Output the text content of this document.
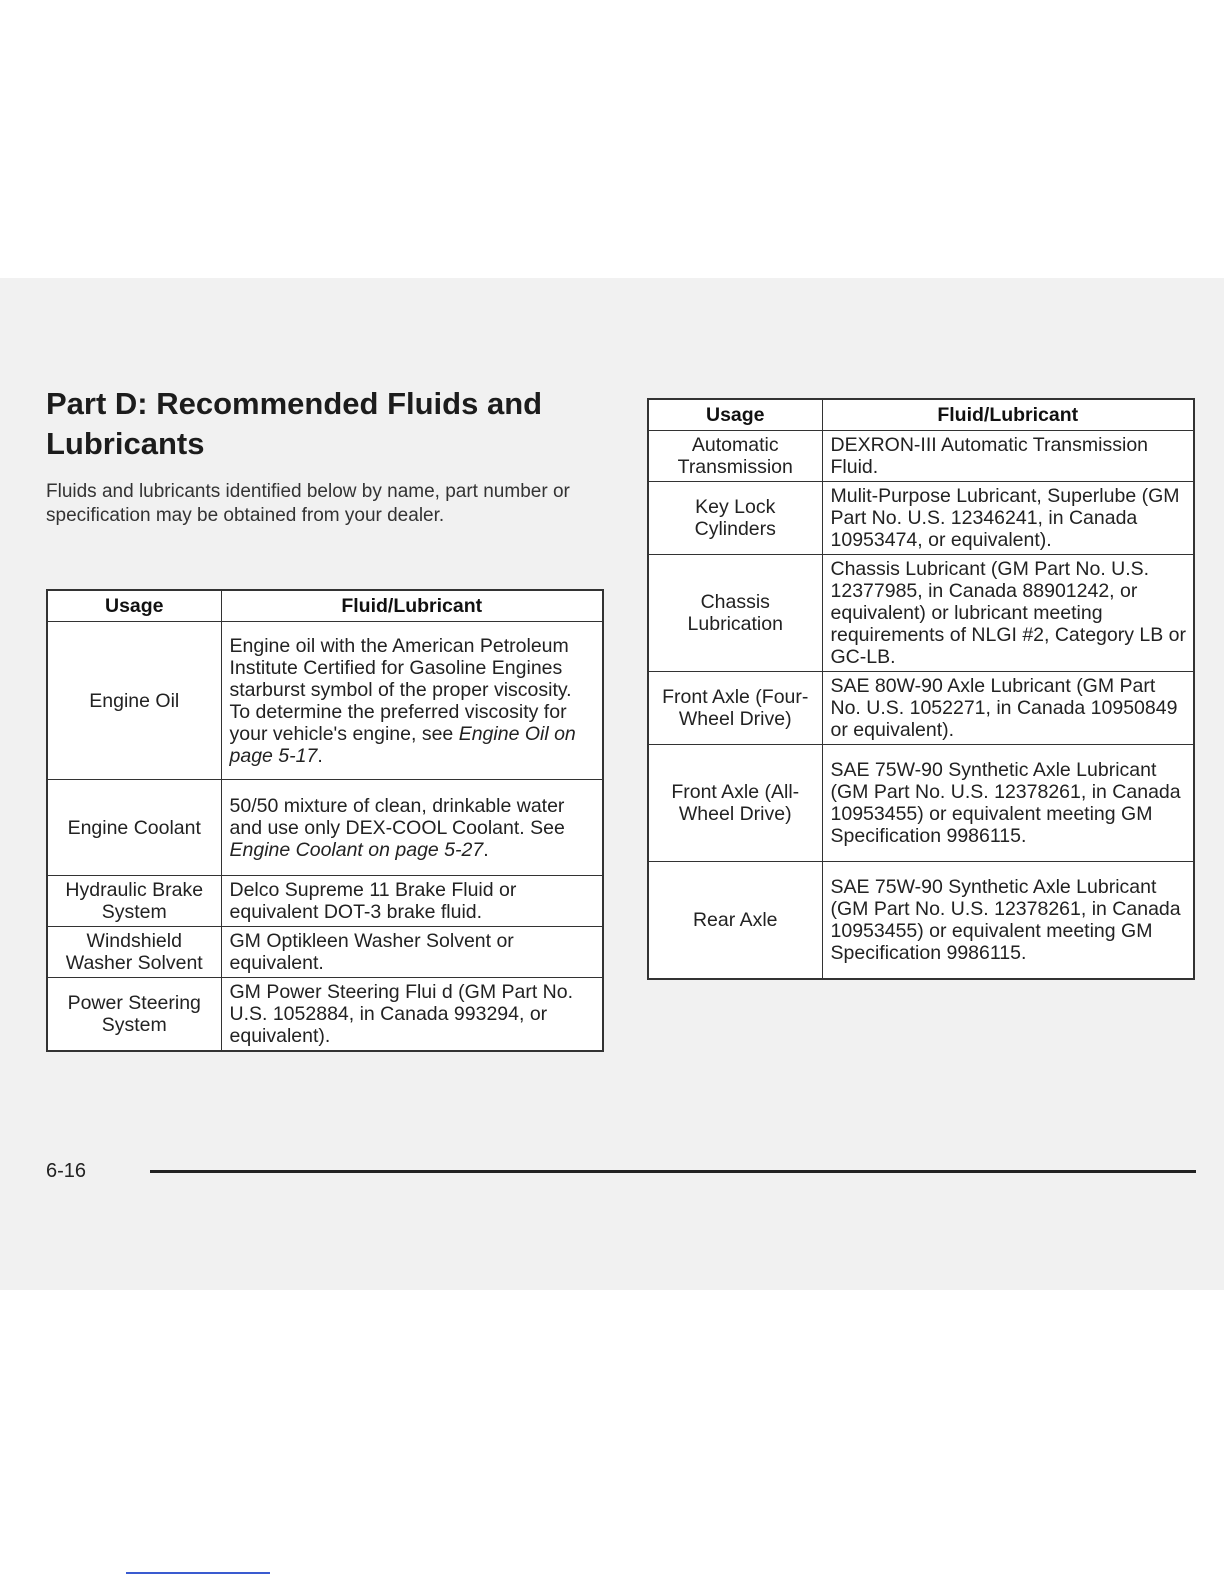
Part D: Recommended Fluids and
Lubricants

Fluids and lubricants identified below by name, part number or specification may be obtained from your dealer.

Usage	Fluid/Lubricant
Engine Oil	Engine oil with the American Petroleum Institute Certified for Gasoline Engines starburst symbol of the proper viscosity. To determine the preferred viscosity for your vehicle's engine, see Engine Oil on page 5-17.
Engine Coolant	50/50 mixture of clean, drinkable water and use only DEX-COOL Coolant. See Engine Coolant on page 5-27.
Hydraulic Brake System	Delco Supreme 11 Brake Fluid or equivalent DOT-3 brake fluid.
Windshield Washer Solvent	GM Optikleen Washer Solvent or equivalent.
Power Steering System	GM Power Steering Flui d (GM Part No. U.S. 1052884, in Canada 993294, or equivalent).
Usage	Fluid/Lubricant
Automatic Transmission	DEXRON-III Automatic Transmission Fluid.
Key Lock Cylinders	Mulit-Purpose Lubricant, Superlube (GM Part No. U.S. 12346241, in Canada 10953474, or equivalent).
Chassis Lubrication	Chassis Lubricant (GM Part No. U.S. 12377985, in Canada 88901242, or equivalent) or lubricant meeting requirements of NLGI #2, Category LB or GC-LB.
Front Axle (Four-Wheel Drive)	SAE 80W-90 Axle Lubricant (GM Part No. U.S. 1052271, in Canada 10950849 or equivalent).
Front Axle (All-Wheel Drive)	SAE 75W-90 Synthetic Axle Lubricant (GM Part No. U.S. 12378261, in Canada 10953455) or equivalent meeting GM Specification 9986115.
Rear Axle	SAE 75W-90 Synthetic Axle Lubricant (GM Part No. U.S. 12378261, in Canada 10953455) or equivalent meeting GM Specification 9986115.
6-16
